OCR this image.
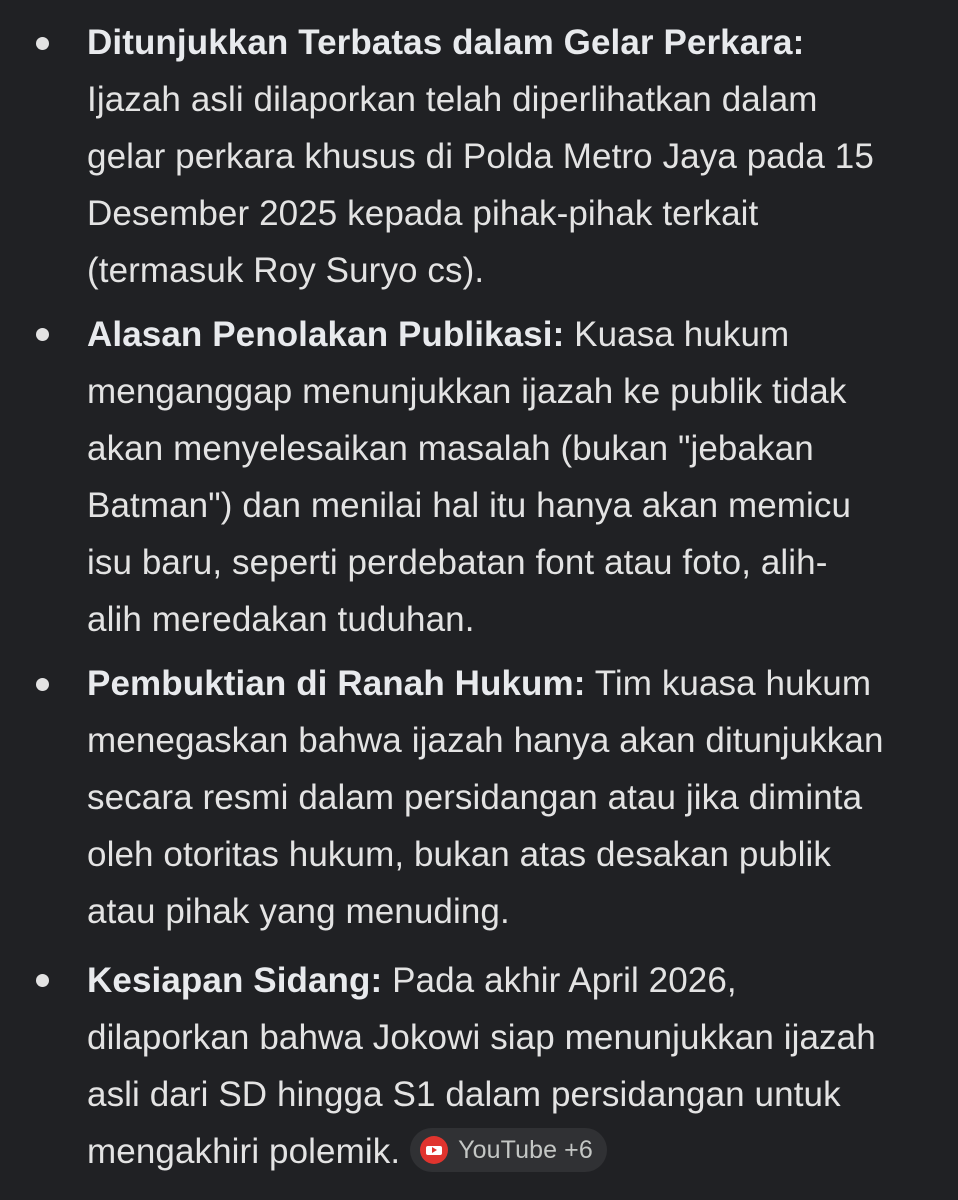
Ditunjukkan Terbatas dalam Gelar Perkara:
Ijazah asli dilaporkan telah diperlihatkan dalam
gelar perkara khusus di Polda Metro Jaya pada 15
Desember 2025 kepada pihak-pihak terkait
(termasuk Roy Suryo cs).
Alasan Penolakan Publikasi: Kuasa hukum
menganggap menunjukkan ijazah ke publik tidak
akan menyelesaikan masalah (bukan "jebakan
Batman") dan menilai hal itu hanya akan memicu
isu baru, seperti perdebatan font atau foto, alih-
alih meredakan tuduhan.
Pembuktian di Ranah Hukum: Tim kuasa hukum
menegaskan bahwa ijazah hanya akan ditunjukkan
secara resmi dalam persidangan atau jika diminta
oleh otoritas hukum, bukan atas desakan publik
atau pihak yang menuding.
Kesiapan Sidang: Pada akhir April 2026,
dilaporkan bahwa Jokowi siap menunjukkan ijazah
asli dari SD hingga S1 dalam persidangan untuk
mengakhiri polemik. YouTube +6
